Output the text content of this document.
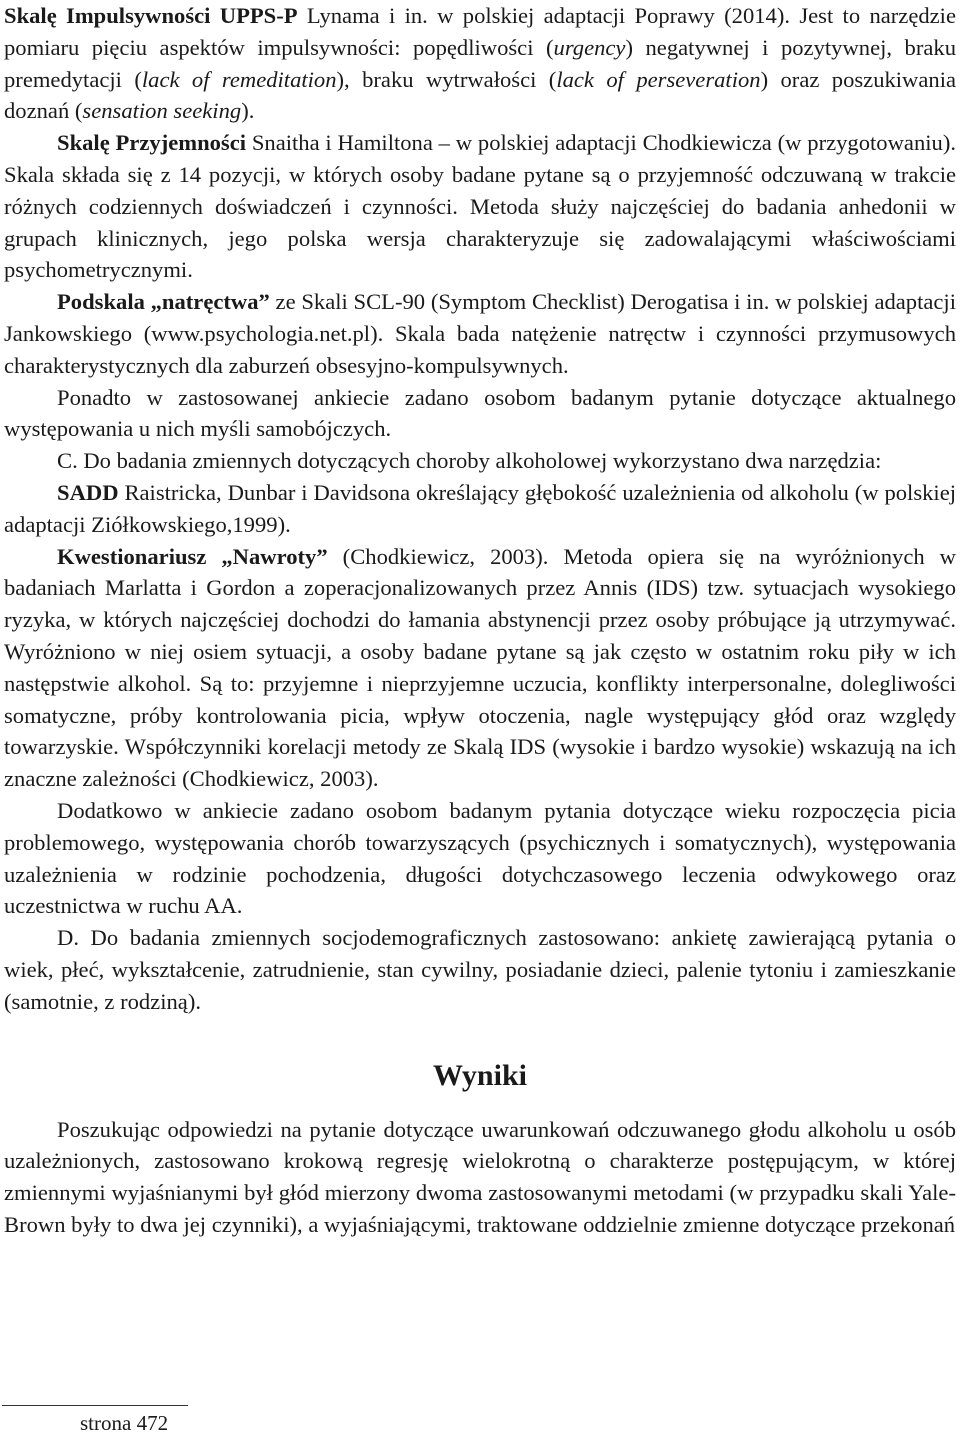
Skalę Impulsywności UPPS-P Lynama i in. w polskiej adaptacji Poprawy (2014). Jest to narzędzie pomiaru pięciu aspektów impulsywności: popędliwości (urgency) negatywnej i pozytywnej, braku premedytacji (lack of remeditation), braku wytrwałości (lack of perseveration) oraz poszukiwania doznań (sensation seeking).

Skalę Przyjemności Snaitha i Hamiltona – w polskiej adaptacji Chodkiewicza (w przygotowaniu). Skala składa się z 14 pozycji, w których osoby badane pytane są o przyjemność odczuwaną w trakcie różnych codziennych doświadczeń i czynności. Metoda służy najczęściej do badania anhedonii w grupach klinicznych, jego polska wersja charakteryzuje się zadowalającymi właściwościami psychometrycznymi.

Podskala „natręctwa” ze Skali SCL-90 (Symptom Checklist) Derogatisa i in. w polskiej adaptacji Jankowskiego (www.psychologia.net.pl). Skala bada natężenie natręctw i czynności przymusowych charakterystycznych dla zaburzeń obsesyjno-kompulsywnych.

Ponadto w zastosowanej ankiecie zadano osobom badanym pytanie dotyczące aktualnego występowania u nich myśli samobójczych.

C. Do badania zmiennych dotyczących choroby alkoholowej wykorzystano dwa narzędzia:

SADD Raistricka, Dunbar i Davidsona określający głębokość uzależnienia od alkoholu (w polskiej adaptacji Ziółkowskiego,1999).

Kwestionariusz „Nawroty” (Chodkiewicz, 2003). Metoda opiera się na wyróżnionych w badaniach Marlatta i Gordon a zoperacjonalizowanych przez Annis (IDS) tzw. sytuacjach wysokiego ryzyka, w których najczęściej dochodzi do łamania abstynencji przez osoby próbujące ją utrzymywać. Wyróżniono w niej osiem sytuacji, a osoby badane pytane są jak często w ostatnim roku piły w ich następstwie alkohol. Są to: przyjemne i nieprzyjemne uczucia, konflikty interpersonalne, dolegliwości somatyczne, próby kontrolowania picia, wpływ otoczenia, nagle występujący głód oraz względy towarzyskie. Współczynniki korelacji metody ze Skalą IDS (wysokie i bardzo wysokie) wskazują na ich znaczne zależności (Chodkiewicz, 2003).

Dodatkowo w ankiecie zadano osobom badanym pytania dotyczące wieku rozpoczęcia picia problemowego, występowania chorób towarzyszących (psychicznych i somatycznych), występowania uzależnienia w rodzinie pochodzenia, długości dotychczasowego leczenia odwykowego oraz uczestnictwa w ruchu AA.

D. Do badania zmiennych socjodemograficznych zastosowano: ankietę zawierającą pytania o wiek, płeć, wykształcenie, zatrudnienie, stan cywilny, posiadanie dzieci, palenie tytoniu i zamieszkanie (samotnie, z rodziną).

Wyniki

Poszukując odpowiedzi na pytanie dotyczące uwarunkowań odczuwanego głodu alkoholu u osób uzależnionych, zastosowano krokową regresję wielokrotną o charakterze postępującym, w której zmiennymi wyjaśnianymi był głód mierzony dwoma zastosowanymi metodami (w przypadku skali Yale-Brown były to dwa jej czynniki), a wyjaśniającymi, traktowane oddzielnie zmienne dotyczące przekonań

strona 472
